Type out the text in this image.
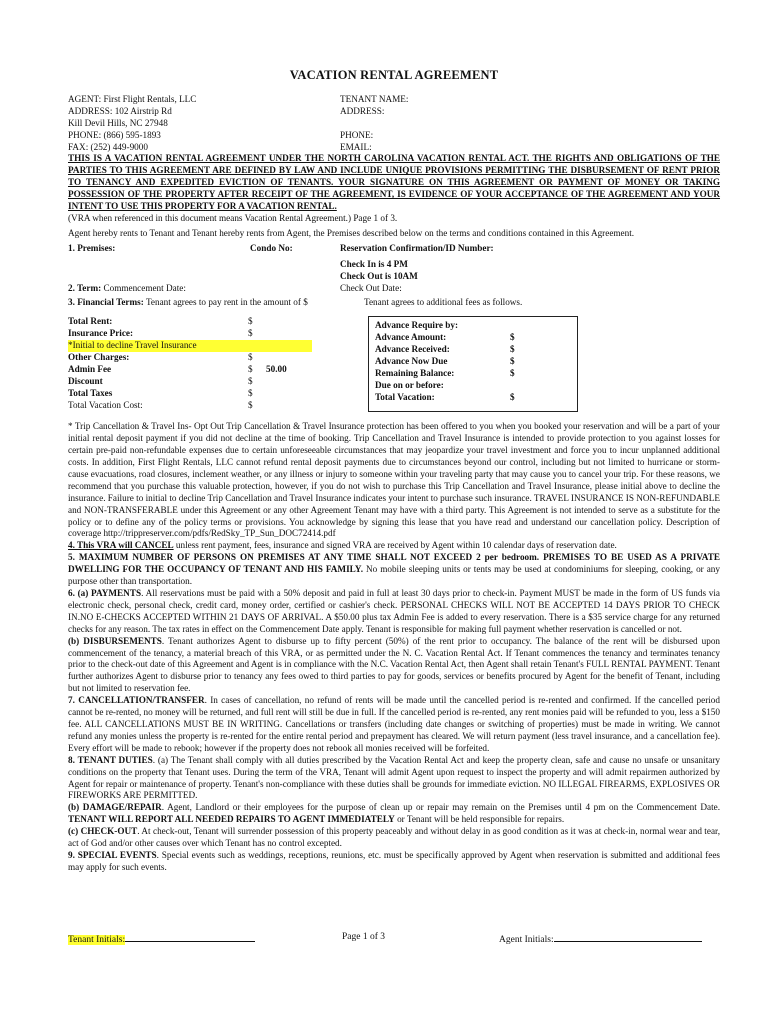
VACATION RENTAL AGREEMENT
AGENT: First Flight Rentals, LLC
ADDRESS: 102 Airstrip Rd
Kill Devil Hills, NC 27948
PHONE: (866) 595-1893
FAX: (252) 449-9000
TENANT NAME:
ADDRESS:

PHONE:
EMAIL:
THIS IS A VACATION RENTAL AGREEMENT UNDER THE NORTH CAROLINA VACATION RENTAL ACT. THE RIGHTS AND OBLIGATIONS OF THE PARTIES TO THIS AGREEMENT ARE DEFINED BY LAW AND INCLUDE UNIQUE PROVISIONS PERMITTING THE DISBURSEMENT OF RENT PRIOR TO TENANCY AND EXPEDITED EVICTION OF TENANTS. YOUR SIGNATURE ON THIS AGREEMENT OR PAYMENT OF MONEY OR TAKING POSSESSION OF THE PROPERTY AFTER RECEIPT OF THE AGREEMENT, IS EVIDENCE OF YOUR ACCEPTANCE OF THE AGREEMENT AND YOUR INTENT TO USE THIS PROPERTY FOR A VACATION RENTAL.
(VRA when referenced in this document means Vacation Rental Agreement.) Page 1 of 3.
Agent hereby rents to Tenant and Tenant hereby rents from Agent, the Premises described below on the terms and conditions contained in this Agreement.
1. Premises:	Condo No:	Reservation Confirmation/ID Number:
Check In is 4 PM
Check Out is 10AM
2. Term: Commencement Date:	Check Out Date:
3. Financial Terms: Tenant agrees to pay rent in the amount of $	Tenant agrees to additional fees as follows.
Total Rent:	$
Insurance Price:	$
*Initial to decline Travel Insurance
Other Charges:	$
Admin Fee	$	50.00
Discount	$
Total Taxes	$
Total Vacation Cost:	$
Advance Require by:
Advance Amount:	$
Advance Received:	$
Advance Now Due	$
Remaining Balance:	$
Due on or before:
Total Vacation:	$
* Trip Cancellation & Travel Ins- Opt Out Trip Cancellation & Travel Insurance protection has been offered to you when you booked your reservation and will be a part of your initial rental deposit payment if you did not decline at the time of booking. Trip Cancellation and Travel Insurance is intended to provide protection to you against losses for certain pre-paid non-refundable expenses due to certain unforeseeable circumstances that may jeopardize your travel investment and force you to incur unplanned additional costs. In addition, First Flight Rentals, LLC cannot refund rental deposit payments due to circumstances beyond our control, including but not limited to hurricane or storm-cause evacuations, road closures, inclement weather, or any illness or injury to someone within your traveling party that may cause you to cancel your trip. For these reasons, we recommend that you purchase this valuable protection, however, if you do not wish to purchase this Trip Cancellation and Travel Insurance, please initial above to decline the insurance. Failure to initial to decline Trip Cancellation and Travel Insurance indicates your intent to purchase such insurance. TRAVEL INSURANCE IS NON-REFUNDABLE and NON-TRANSFERABLE under this Agreement or any other Agreement Tenant may have with a third party. This Agreement is not intended to serve as a substitute for the policy or to define any of the policy terms or provisions. You acknowledge by signing this lease that you have read and understand our cancellation policy. Description of coverage http://trippreserver.com/pdfs/RedSky_TP_Sun_DOC72414.pdf
4. This VRA will CANCEL unless rent payment, fees, insurance and signed VRA are received by Agent within 10 calendar days of reservation date.
5. MAXIMUM NUMBER OF PERSONS ON PREMISES AT ANY TIME SHALL NOT EXCEED 2 per bedroom. PREMISES TO BE USED AS A PRIVATE DWELLING FOR THE OCCUPANCY OF TENANT AND HIS FAMILY. No mobile sleeping units or tents may be used at condominiums for sleeping, cooking, or any purpose other than transportation.
6. (a) PAYMENTS. All reservations must be paid with a 50% deposit and paid in full at least 30 days prior to check-in. Payment MUST be made in the form of US funds via electronic check, personal check, credit card, money order, certified or cashier's check. PERSONAL CHECKS WILL NOT BE ACCEPTED 14 DAYS PRIOR TO CHECK IN.NO E-CHECKS ACCEPTED WITHIN 21 DAYS OF ARRIVAL. A $50.00 plus tax Admin Fee is added to every reservation. There is a $35 service charge for any returned checks for any reason. The tax rates in effect on the Commencement Date apply. Tenant is responsible for making full payment whether reservation is cancelled or not.
(b) DISBURSEMENTS. Tenant authorizes Agent to disburse up to fifty percent (50%) of the rent prior to occupancy. The balance of the rent will be disbursed upon commencement of the tenancy, a material breach of this VRA, or as permitted under the N. C. Vacation Rental Act. If Tenant commences the tenancy and terminates tenancy prior to the check-out date of this Agreement and Agent is in compliance with the N.C. Vacation Rental Act, then Agent shall retain Tenant's FULL RENTAL PAYMENT. Tenant further authorizes Agent to disburse prior to tenancy any fees owed to third parties to pay for goods, services or benefits procured by Agent for the benefit of Tenant, including but not limited to reservation fee.
7. CANCELLATION/TRANSFER. In cases of cancellation, no refund of rents will be made until the cancelled period is re-rented and confirmed. If the cancelled period cannot be re-rented, no money will be returned, and full rent will still be due in full. If the cancelled period is re-rented, any rent monies paid will be refunded to you, less a $150 fee. ALL CANCELLATIONS MUST BE IN WRITING. Cancellations or transfers (including date changes or switching of properties) must be made in writing. We cannot refund any monies unless the property is re-rented for the entire rental period and prepayment has cleared. We will return payment (less travel insurance, and a cancellation fee). Every effort will be made to rebook; however if the property does not rebook all monies received will be forfeited.
8. TENANT DUTIES. (a) The Tenant shall comply with all duties prescribed by the Vacation Rental Act and keep the property clean, safe and cause no unsafe or unsanitary conditions on the property that Tenant uses. During the term of the VRA, Tenant will admit Agent upon request to inspect the property and will admit repairmen authorized by Agent for repair or maintenance of property. Tenant's non-compliance with these duties shall be grounds for immediate eviction. NO ILLEGAL FIREARMS, EXPLOSIVES OR FIREWORKS ARE PERMITTED.
(b) DAMAGE/REPAIR. Agent, Landlord or their employees for the purpose of clean up or repair may remain on the Premises until 4 pm on the Commencement Date. TENANT WILL REPORT ALL NEEDED REPAIRS TO AGENT IMMEDIATELY or Tenant will be held responsible for repairs.
(c) CHECK-OUT. At check-out, Tenant will surrender possession of this property peaceably and without delay in as good condition as it was at check-in, normal wear and tear, act of God and/or other causes over which Tenant has no control excepted.
9. SPECIAL EVENTS. Special events such as weddings, receptions, reunions, etc. must be specifically approved by Agent when reservation is submitted and additional fees may apply for such events.
Tenant Initials:	Page 1 of 3	Agent Initials:
